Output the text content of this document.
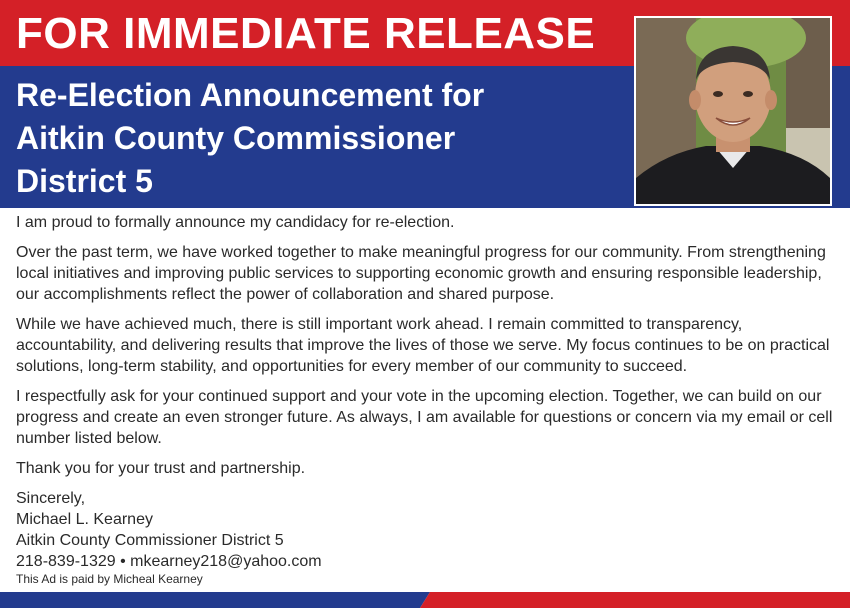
FOR IMMEDIATE RELEASE
Re-Election Announcement for
Aitkin County Commissioner
District 5

I am proud to formally announce my candidacy for re-election.

Over the past term, we have worked together to make meaningful progress for our community. From strengthening local initiatives and improving public services to supporting economic growth and ensuring responsible leadership, our accomplishments reflect the power of collaboration and shared purpose.

While we have achieved much, there is still important work ahead. I remain committed to transparency, accountability, and delivering results that improve the lives of those we serve. My focus continues to be on practical solutions, long-term stability, and opportunities for every member of our community to succeed.

I respectfully ask for your continued support and your vote in the upcoming election. Together, we can build on our progress and create an even stronger future. As always, I am available for questions or concern via my email or cell number listed below.

Thank you for your trust and partnership.

Sincerely,
Michael L. Kearney
Aitkin County Commissioner District 5
218-839-1329 • mkearney218@yahoo.com
This Ad is paid by Micheal Kearney
